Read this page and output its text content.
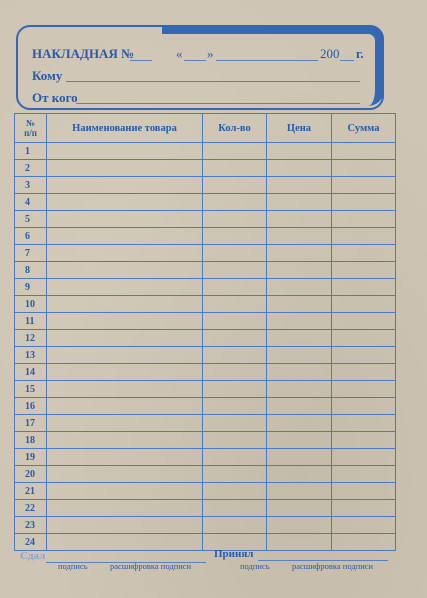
НАКЛАДНАЯ №	« »	200 г.
Кому
От кого
№
п/п	Наименование товара	Кол-во	Цена	Сумма
1				
2				
3				
4				
5				
6				
7				
8				
9				
10				
11				
12				
13				
14				
15				
16				
17				
18				
19				
20				
21				
22				
23				
24				
Сдал
подпись	расшифровка подписи
Принял
подпись	расшифровка подписи
